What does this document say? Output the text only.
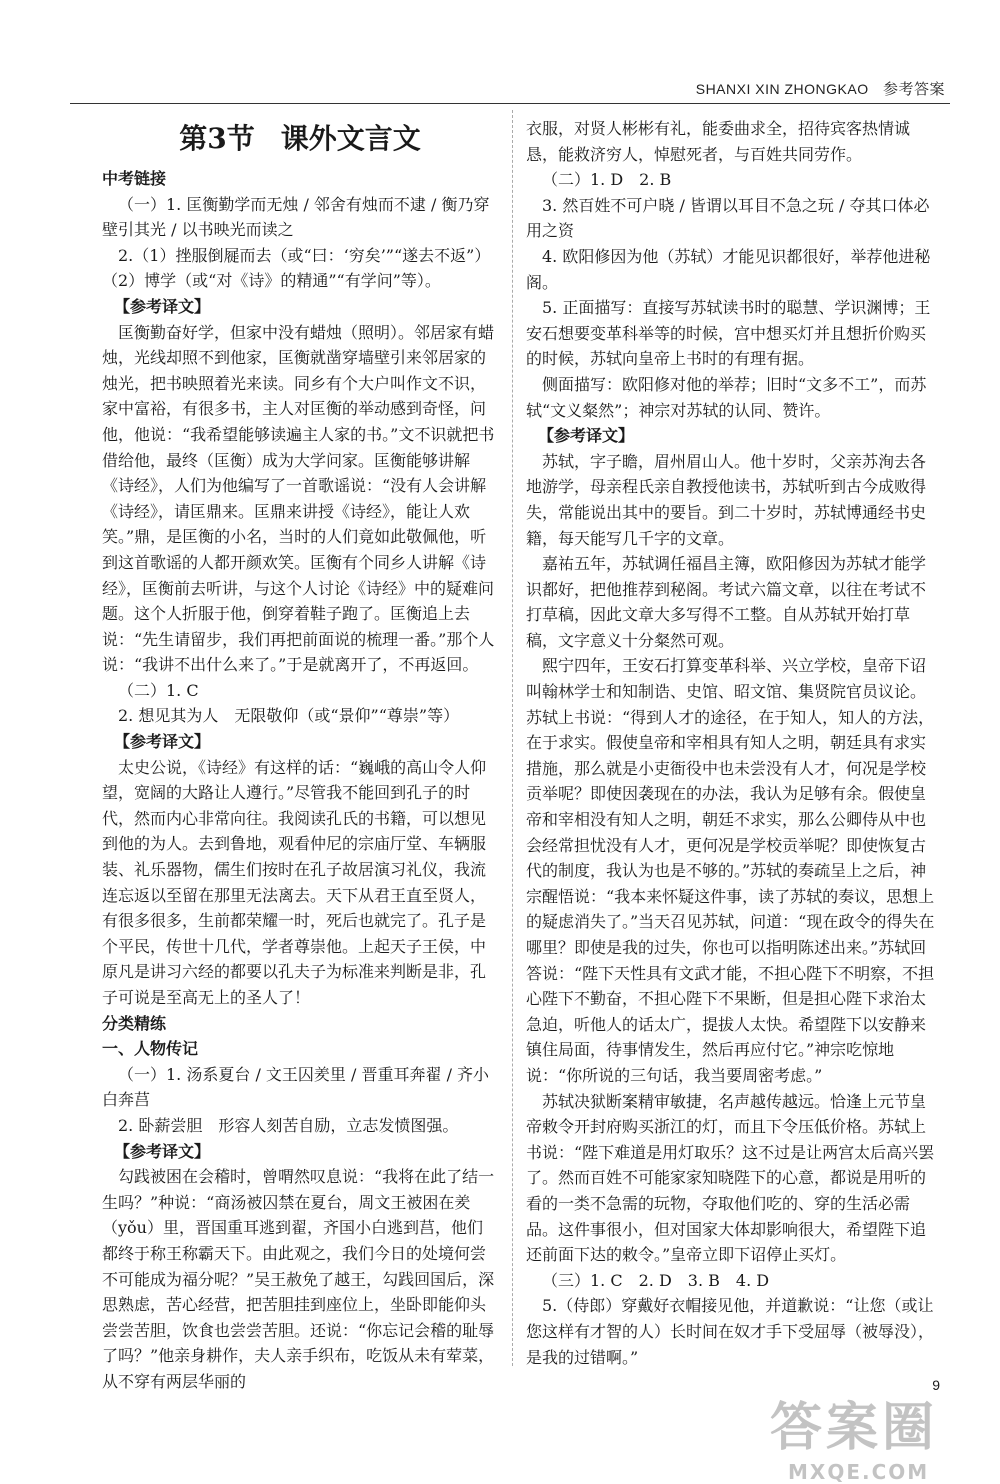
SHANXI XIN ZHONGKAO 参考答案
第3节 课外文言文

中考链接

（一）1. 匡衡勤学而无烛 / 邻舍有烛而不逮 / 衡乃穿壁引其光 / 以书映光而读之

2.（1）挫服倒屣而去（或“曰：‘穷矣’”“遂去不返”）（2）博学（或“对《诗》的精通”“有学问”等）。

【参考译文】

匡衡勤奋好学，但家中没有蜡烛（照明）。邻居家有蜡烛，光线却照不到他家，匡衡就凿穿墙壁引来邻居家的烛光，把书映照着光来读。同乡有个大户叫作文不识，家中富裕，有很多书，主人对匡衡的举动感到奇怪，问他，他说：“我希望能够读遍主人家的书。”文不识就把书借给他，最终（匡衡）成为大学问家。匡衡能够讲解《诗经》，人们为他编写了一首歌谣说：“没有人会讲解《诗经》，请匡鼎来。匡鼎来讲授《诗经》，能让人欢笑。”鼎，是匡衡的小名，当时的人们竟如此敬佩他，听到这首歌谣的人都开颜欢笑。匡衡有个同乡人讲解《诗经》，匡衡前去听讲，与这个人讨论《诗经》中的疑难问题。这个人折服于他，倒穿着鞋子跑了。匡衡追上去说：“先生请留步，我们再把前面说的梳理一番。”那个人说：“我讲不出什么来了。”于是就离开了，不再返回。

（二）1. C

2. 想见其为人　无限敬仰（或“景仰”“尊崇”等）

【参考译文】

太史公说，《诗经》有这样的话：“巍峨的高山令人仰望，宽阔的大路让人遵行。”尽管我不能回到孔子的时代，然而内心非常向往。我阅读孔氏的书籍，可以想见到他的为人。去到鲁地，观看仲尼的宗庙厅堂、车辆服装、礼乐器物，儒生们按时在孔子故居演习礼仪，我流连忘返以至留在那里无法离去。天下从君王直至贤人，有很多很多，生前都荣耀一时，死后也就完了。孔子是个平民，传世十几代，学者尊崇他。上起天子王侯，中原凡是讲习六经的都要以孔夫子为标准来判断是非，孔子可说是至高无上的圣人了！

分类精练

一、人物传记

（一）1. 汤系夏台 / 文王囚羑里 / 晋重耳奔翟 / 齐小白奔莒

2. 卧薪尝胆　形容人刻苦自励，立志发愤图强。

【参考译文】

勾践被困在会稽时，曾喟然叹息说：“我将在此了结一生吗？”种说：“商汤被囚禁在夏台，周文王被困在羑（yǒu）里，晋国重耳逃到翟，齐国小白逃到莒，他们都终于称王称霸天下。由此观之，我们今日的处境何尝不可能成为福分呢？”吴王赦免了越王，勾践回国后，深思熟虑，苦心经营，把苦胆挂到座位上，坐卧即能仰头尝尝苦胆，饮食也尝尝苦胆。还说：“你忘记会稽的耻辱了吗？”他亲身耕作，夫人亲手织布，吃饭从未有荤菜，从不穿有两层华丽的

衣服，对贤人彬彬有礼，能委曲求全，招待宾客热情诚恳，能救济穷人，悼慰死者，与百姓共同劳作。

（二）1. D　2. B

3. 然百姓不可户晓 / 皆谓以耳目不急之玩 / 夺其口体必用之资

4. 欧阳修因为他（苏轼）才能见识都很好，举荐他进秘阁。

5. 正面描写：直接写苏轼读书时的聪慧、学识渊博；王安石想要变革科举等的时候，宫中想买灯并且想折价购买的时候，苏轼向皇帝上书时的有理有据。

侧面描写：欧阳修对他的举荐；旧时“文多不工”，而苏轼“文义粲然”；神宗对苏轼的认同、赞许。

【参考译文】

苏轼，字子瞻，眉州眉山人。他十岁时，父亲苏洵去各地游学，母亲程氏亲自教授他读书，苏轼听到古今成败得失，常能说出其中的要旨。到二十岁时，苏轼博通经书史籍，每天能写几千字的文章。

嘉祐五年，苏轼调任福昌主簿，欧阳修因为苏轼才能学识都好，把他推荐到秘阁。考试六篇文章，以往在考试不打草稿，因此文章大多写得不工整。自从苏轼开始打草稿，文字意义十分粲然可观。

熙宁四年，王安石打算变革科举、兴立学校，皇帝下诏叫翰林学士和知制诰、史馆、昭文馆、集贤院官员议论。苏轼上书说：“得到人才的途径，在于知人，知人的方法，在于求实。假使皇帝和宰相具有知人之明，朝廷具有求实措施，那么就是小吏衙役中也未尝没有人才，何况是学校贡举呢？即使因袭现在的办法，我认为足够有余。假使皇帝和宰相没有知人之明，朝廷不求实，那么公卿侍从中也会经常担忧没有人才，更何况是学校贡举呢？即使恢复古代的制度，我认为也是不够的。”苏轼的奏疏呈上之后，神宗醒悟说：“我本来怀疑这件事，读了苏轼的奏议，思想上的疑虑消失了。”当天召见苏轼，问道：“现在政令的得失在哪里？即使是我的过失，你也可以指明陈述出来。”苏轼回答说：“陛下天性具有文武才能，不担心陛下不明察，不担心陛下不勤奋，不担心陛下不果断，但是担心陛下求治太急迫，听他人的话太广，提拔人太快。希望陛下以安静来镇住局面，待事情发生，然后再应付它。”神宗吃惊地说：“你所说的三句话，我当要周密考虑。”

苏轼决狱断案精审敏捷，名声越传越远。恰逢上元节皇帝敕令开封府购买浙江的灯，而且下令压低价格。苏轼上书说：“陛下难道是用灯取乐？这不过是让两宫太后高兴罢了。然而百姓不可能家家知晓陛下的心意，都说是用听的看的一类不急需的玩物，夺取他们吃的、穿的生活必需品。这件事很小，但对国家大体却影响很大，希望陛下追还前面下达的敕令。”皇帝立即下诏停止买灯。

（三）1. C　2. D　3. B　4. D

5.（侍郎）穿戴好衣帽接见他，并道歉说：“让您（或让您这样有才智的人）长时间在奴才手下受屈辱（被辱没），是我的过错啊。”

9
答案圈
MXQE.COM
